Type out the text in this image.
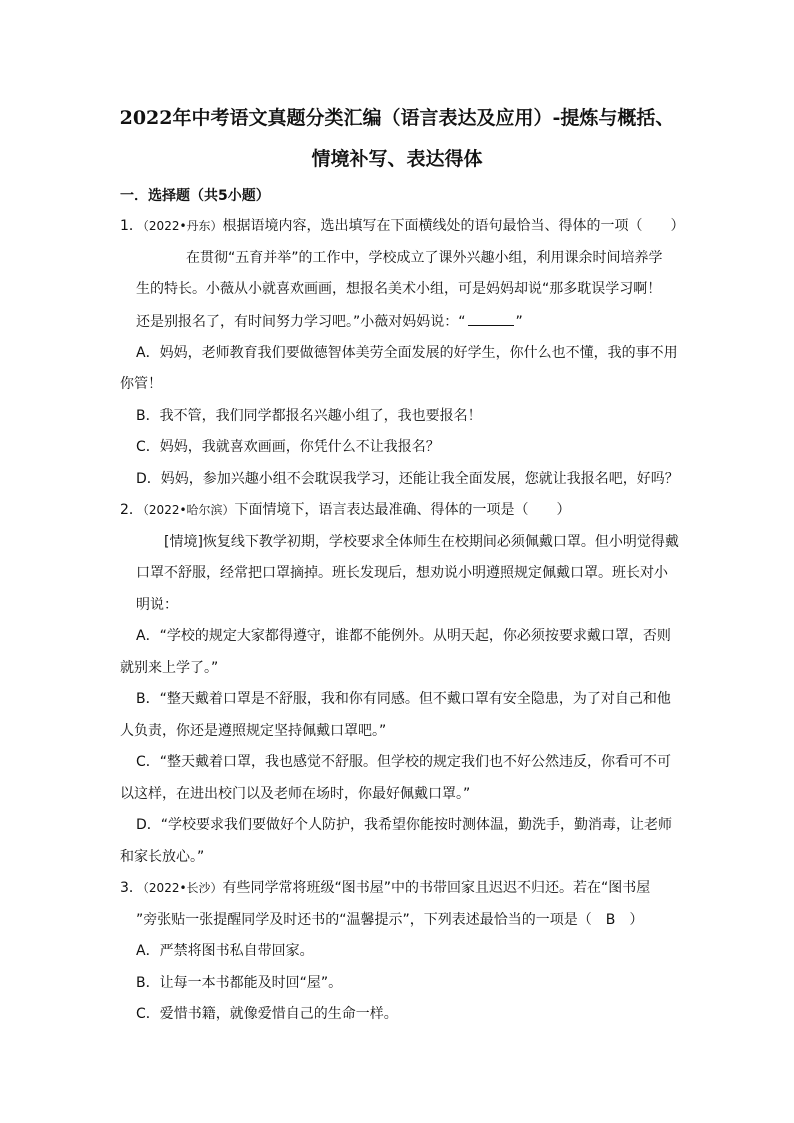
2022年中考语文真题分类汇编（语言表达及应用）-提炼与概括、
情境补写、表达得体
一．选择题（共5小题）
1．（2022•丹东）根据语境内容，选出填写在下面横线处的语句最恰当、得体的一项（　　）
在贯彻“五育并举”的工作中，学校成立了课外兴趣小组，利用课余时间培养学
生的特长。小薇从小就喜欢画画，想报名美术小组，可是妈妈却说“那多耽误学习啊！
还是别报名了，有时间努力学习吧。”小薇对妈妈说：“	”
A．妈妈，老师教育我们要做德智体美劳全面发展的好学生，你什么也不懂，我的事不用
你管！
B．我不管，我们同学都报名兴趣小组了，我也要报名！
C．妈妈，我就喜欢画画，你凭什么不让我报名？
D．妈妈，参加兴趣小组不会耽误我学习，还能让我全面发展，您就让我报名吧，好吗？
2．（2022•哈尔滨）下面情境下，语言表达最准确、得体的一项是（　　）
[情境]恢复线下教学初期，学校要求全体师生在校期间必须佩戴口罩。但小明觉得戴
口罩不舒服，经常把口罩摘掉。班长发现后，想劝说小明遵照规定佩戴口罩。班长对小
明说：
A．“学校的规定大家都得遵守，谁都不能例外。从明天起，你必须按要求戴口罩，否则
就别来上学了。”
B．“整天戴着口罩是不舒服，我和你有同感。但不戴口罩有安全隐患，为了对自己和他
人负责，你还是遵照规定坚持佩戴口罩吧。”
C．“整天戴着口罩，我也感觉不舒服。但学校的规定我们也不好公然违反，你看可不可
以这样，在进出校门以及老师在场时，你最好佩戴口罩。”
D．“学校要求我们要做好个人防护，我希望你能按时测体温，勤洗手，勤消毒，让老师
和家长放心。”
3．（2022•长沙）有些同学常将班级“图书屋”中的书带回家且迟迟不归还。若在“图书屋
”旁张贴一张提醒同学及时还书的“温馨提示”，下列表述最恰当的一项是（　B　）
A．严禁将图书私自带回家。
B．让每一本书都能及时回“屋”。
C．爱惜书籍，就像爱惜自己的生命一样。
